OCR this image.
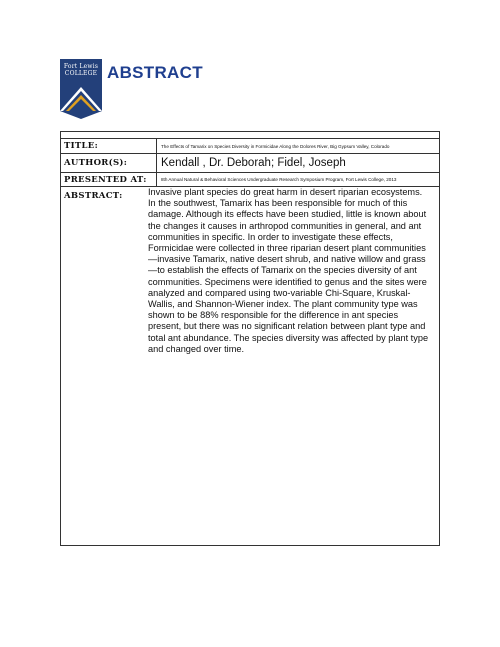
Fort Lewis
COLLEGE ABSTRACT
TITLE:	The Effects of Tamarix on Species Diversity in Formicidae Along the Dolores River, Big Gypsum Valley, Colorado
AUTHOR(S):	Kendall , Dr. Deborah; Fidel, Joseph
PRESENTED AT:	8th Annual Natural & Behavioral Sciences Undergraduate Research Symposium Program, Fort Lewis College, 2013
ABSTRACT:	Invasive plant species do great harm in desert riparian ecosystems. In the southwest, Tamarix has been responsible for much of this damage. Although its effects have been studied, little is known about the changes it causes in arthropod communities in general, and ant communities in specific. In order to investigate these effects, Formicidae were collected in three riparian desert plant communities—invasive Tamarix, native desert shrub, and native willow and grass—to establish the effects of Tamarix on the species diversity of ant communities. Specimens were identified to genus and the sites were analyzed and compared using two-variable Chi-Square, Kruskal-Wallis, and Shannon-Wiener index. The plant community type was shown to be 88% responsible for the difference in ant species present, but there was no significant relation between plant type and total ant abundance. The species diversity was affected by plant type and changed over time.
